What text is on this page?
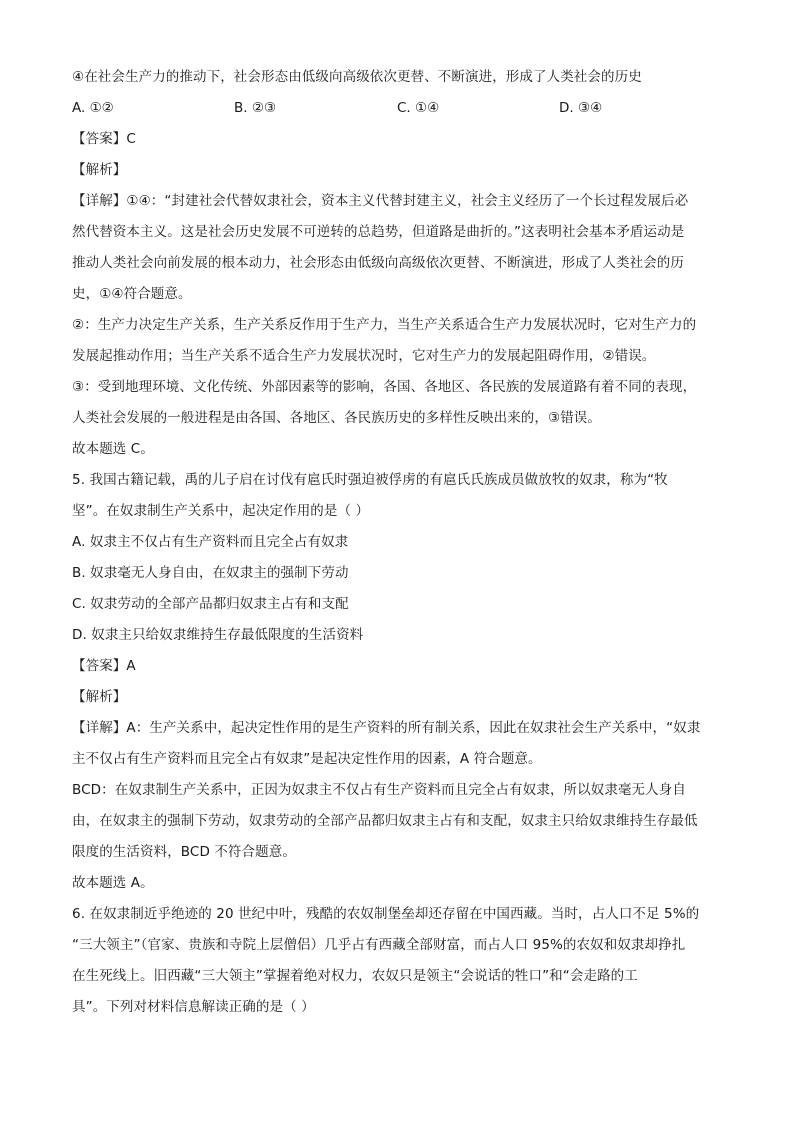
④在社会生产力的推动下，社会形态由低级向高级依次更替、不断演进，形成了人类社会的历史
A. ①②	B. ②③	C. ①④	D. ③④
【答案】C
【解析】
【详解】①④：“封建社会代替奴隶社会，资本主义代替封建主义，社会主义经历了一个长过程发展后必
然代替资本主义。这是社会历史发展不可逆转的总趋势，但道路是曲折的。”这表明社会基本矛盾运动是
推动人类社会向前发展的根本动力，社会形态由低级向高级依次更替、不断演进，形成了人类社会的历
史，①④符合题意。
②：生产力决定生产关系，生产关系反作用于生产力，当生产关系适合生产力发展状况时，它对生产力的
发展起推动作用；当生产关系不适合生产力发展状况时，它对生产力的发展起阻碍作用，②错误。
③：受到地理环境、文化传统、外部因素等的影响，各国、各地区、各民族的发展道路有着不同的表现，
人类社会发展的一般进程是由各国、各地区、各民族历史的多样性反映出来的，③错误。
故本题选 C。
5. 我国古籍记载，禹的儿子启在讨伐有扈氏时强迫被俘虏的有扈氏氏族成员做放牧的奴隶，称为“牧
坚”。在奴隶制生产关系中，起决定作用的是（ ）
A. 奴隶主不仅占有生产资料而且完全占有奴隶
B. 奴隶毫无人身自由，在奴隶主的强制下劳动
C. 奴隶劳动的全部产品都归奴隶主占有和支配
D. 奴隶主只给奴隶维持生存最低限度的生活资料
【答案】A
【解析】
【详解】A：生产关系中，起决定性作用的是生产资料的所有制关系，因此在奴隶社会生产关系中，“奴隶
主不仅占有生产资料而且完全占有奴隶”是起决定性作用的因素，A 符合题意。
BCD：在奴隶制生产关系中，正因为奴隶主不仅占有生产资料而且完全占有奴隶，所以奴隶毫无人身自
由，在奴隶主的强制下劳动，奴隶劳动的全部产品都归奴隶主占有和支配，奴隶主只给奴隶维持生存最低
限度的生活资料，BCD 不符合题意。
故本题选 A。
6. 在奴隶制近乎绝迹的 20 世纪中叶，残酷的农奴制堡垒却还存留在中国西藏。当时，占人口不足 5%的
“三大领主”（官家、贵族和寺院上层僧侣）几乎占有西藏全部财富，而占人口 95%的农奴和奴隶却挣扎
在生死线上。旧西藏“三大领主”掌握着绝对权力，农奴只是领主“会说话的牲口”和“会走路的工
具”。下列对材料信息解读正确的是（ ）
